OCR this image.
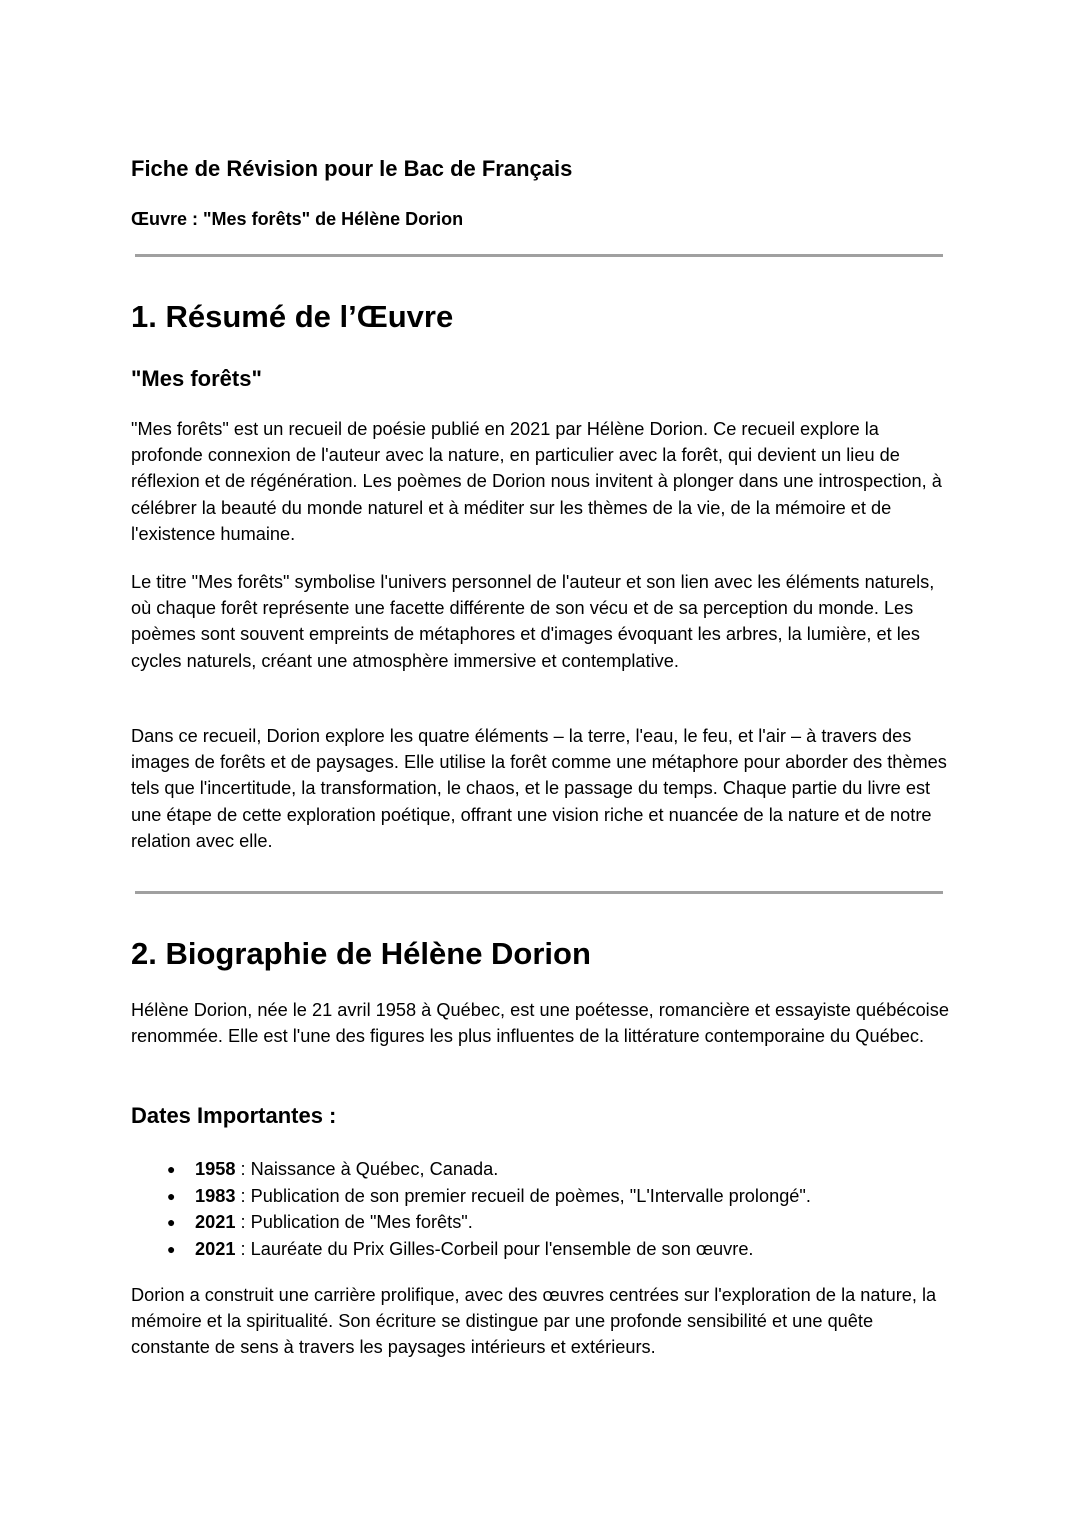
Fiche de Révision pour le Bac de Français
Œuvre : "Mes forêts" de Hélène Dorion
1. Résumé de l’Œuvre
"Mes forêts"

"Mes forêts" est un recueil de poésie publié en 2021 par Hélène Dorion. Ce recueil explore la profonde connexion de l'auteur avec la nature, en particulier avec la forêt, qui devient un lieu de réflexion et de régénération. Les poèmes de Dorion nous invitent à plonger dans une introspection, à célébrer la beauté du monde naturel et à méditer sur les thèmes de la vie, de la mémoire et de l'existence humaine.

Le titre "Mes forêts" symbolise l'univers personnel de l'auteur et son lien avec les éléments naturels, où chaque forêt représente une facette différente de son vécu et de sa perception du monde. Les poèmes sont souvent empreints de métaphores et d'images évoquant les arbres, la lumière, et les cycles naturels, créant une atmosphère immersive et contemplative.

Dans ce recueil, Dorion explore les quatre éléments – la terre, l'eau, le feu, et l'air – à travers des images de forêts et de paysages. Elle utilise la forêt comme une métaphore pour aborder des thèmes tels que l'incertitude, la transformation, le chaos, et le passage du temps. Chaque partie du livre est une étape de cette exploration poétique, offrant une vision riche et nuancée de la nature et de notre relation avec elle.

2. Biographie de Hélène Dorion

Hélène Dorion, née le 21 avril 1958 à Québec, est une poétesse, romancière et essayiste québécoise renommée. Elle est l'une des figures les plus influentes de la littérature contemporaine du Québec.

Dates Importantes :
● 1958 : Naissance à Québec, Canada.
● 1983 : Publication de son premier recueil de poèmes, "L'Intervalle prolongé".
● 2021 : Publication de "Mes forêts".
● 2021 : Lauréate du Prix Gilles-Corbeil pour l'ensemble de son œuvre.

Dorion a construit une carrière prolifique, avec des œuvres centrées sur l'exploration de la nature, la mémoire et la spiritualité. Son écriture se distingue par une profonde sensibilité et une quête constante de sens à travers les paysages intérieurs et extérieurs.
